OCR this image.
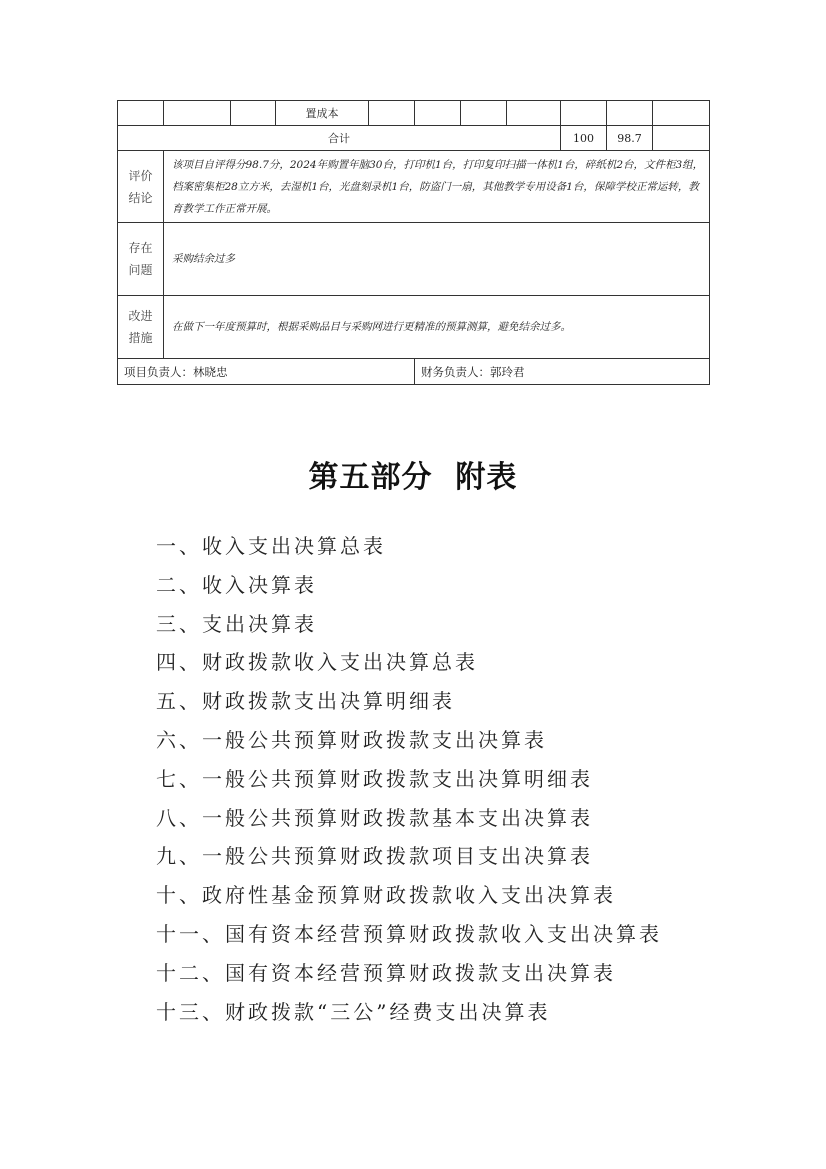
			置成本							
合计								100	98.7	

评价
结论	该项目自评得分98.7分，2024年购置年脑30台，打印机1台，打印复印扫描一体机1台，碎纸机2台，文件柜3组，档案密集柜28立方米，去湿机1台，光盘刻录机1台，防盗门一扇，其他教学专用设备1台，保障学校正常运转，教育教学工作正常开展。									

存在
问题	采购结余过多									

改进
措施	在做下一年度预算时，根据采购品目与采购网进行更精准的预算测算，避免结余过多。									
项目负责人：林晓忠					财务负责人：郭玲君					
第五部分  附表
一、收入支出决算总表
二、收入决算表
三、支出决算表
四、财政拨款收入支出决算总表
五、财政拨款支出决算明细表
六、一般公共预算财政拨款支出决算表
七、一般公共预算财政拨款支出决算明细表
八、一般公共预算财政拨款基本支出决算表
九、一般公共预算财政拨款项目支出决算表
十、政府性基金预算财政拨款收入支出决算表
十一、国有资本经营预算财政拨款收入支出决算表
十二、国有资本经营预算财政拨款支出决算表
十三、财政拨款“三公”经费支出决算表
